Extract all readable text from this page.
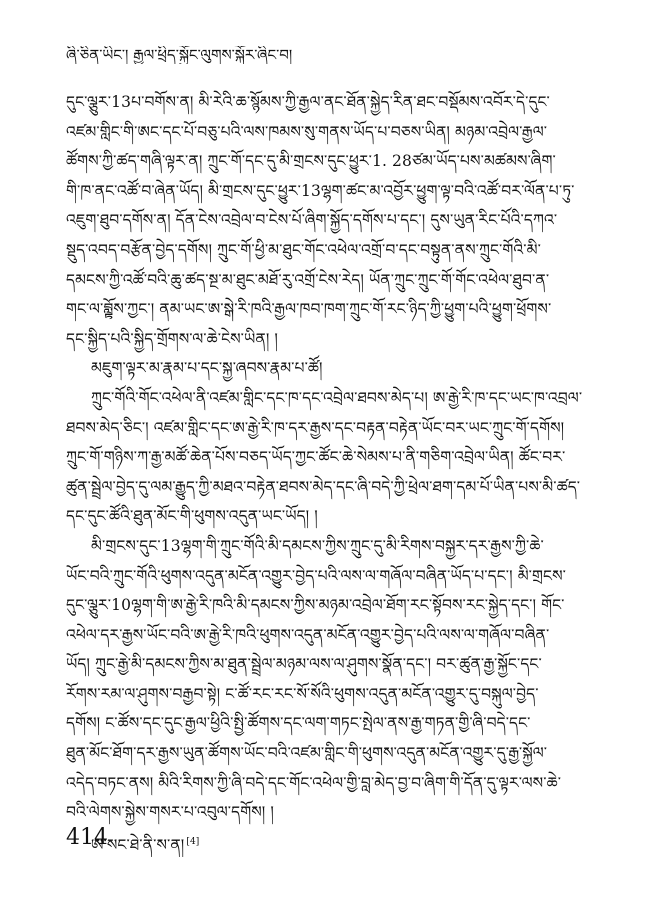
ཞི་ཅིན་ཡིང་། རྒྱལ་ཕྲིད་སྐྱོང་ལུགས་སྐོར་ཞིང་བ།
དུང་ལྕུར་13པ་བགོས་ན། མི་རེའི་ཆ་སྙོམས་ཀྱི་རྒྱལ་ནང་ཐོན་སྐྱེད་རིན་ཐང་བསྡོམས་འབོར་དེ་དུང་
འཛམ་གླིང་གི་ཨང་དང་པོ་བཅུ་པའི་ལས་ཁམས་སུ་གནས་ཡོད་པ་བཅས་ཡིན། མཉམ་འབྲེལ་རྒྱལ་
ཚོགས་ཀྱི་ཚད་གཞི་ལྟར་ན། ཀྲུང་གོ་དང་དུ་མི་གྲངས་དུང་ཕྱུར་1. 28ཙམ་ཡོད་པས་མཚམས་ཞིག་
གི་ཁ་ནང་འཚོ་བ་ཞེན་ཡོད། མི་གྲངས་དུང་ཕྱུར་13ལྷག་ཚང་མ་འབྱོར་ཕྱུག་ལྟ་བའི་འཚོ་བར་ལོན་པ་ཏུ་
འཇུག་ཐུབ་དགོས་ན། དོན་ངེས་འབྲེལ་བ་ངེས་པོ་ཞིག་སྐྱོད་དགོས་པ་དང་། དུས་ཡུན་རིང་པོའི་དཀའ་
སྡུད་འབད་བརྩོན་བྱེད་དགོས། ཀྲུང་གོ་ཕྱི་མ་ཐུང་གོང་འཕེལ་འགྲོ་བ་དང་བསྟུན་ནས་ཀྲུང་གོའི་མི་
དམངས་ཀྱི་འཚོ་བའི་ཆུ་ཚད་སྔ་མ་ཐུང་མཐོ་རུ་འགྲོ་ངེས་རེད། ཡོན་ཀྲུང་ཀྲུང་གོ་གོང་འཕེལ་ཐུབ་ན་
གང་ལ་བླྟོས་ཀྱང་། ནམ་ཡང་ཨ་སྒེ་རི་ཁའི་རྒྱལ་ཁབ་ཁག་ཀྲུང་གོ་རང་ཉིད་ཀྱི་ཕྱུག་པའི་ཕྱུག་ཕྲོགས་
དང་སྐྱིད་པའི་སྐྱིད་གྲོགས་ལ་ཆེ་ངེས་ཡིན། །
མཇུག་ལྟར་མ་རྣམ་པ་དང་སྐྱ་ཞབས་རྣམ་པ་ཚོ།
ཀྲུང་གོའི་གོང་འཕེལ་ནི་འཛམ་གླིང་དང་ཁ་དང་འབྲེལ་ཐབས་མེད་པ། ཨ་རྒྱེ་རི་ཁ་དང་ཡང་ཁ་འབྲལ་
ཐབས་མེད་ཅིང་། འཛམ་གླིང་དང་ཨ་རྒྱེ་རི་ཁ་དར་རྒྱས་དང་བརྟན་བརྟེན་ཡོང་བར་ཡང་ཀྲུང་གོ་དགོས།
ཀྲུང་གོ་གཉིས་ཀ་རྒྱ་མཚོ་ཆེན་པོས་བཅད་ཡོད་ཀྱང་ཚོང་ཆེ་སེམས་པ་ནི་གཅིག་འབྲེལ་ཡིན། ཚོང་བར་
ཚུན་སྦྲེལ་བྱེད་དུ་ལམ་རྒྱུད་ཀྱི་མཐའ་བརྟེན་ཐབས་མེད་དང་ཞི་བདེ་ཀྱི་ཕྲེལ་ཐག་དམ་པོ་ཡིན་པས་མི་ཚད་
དང་དུང་ཚོའི་ཐུན་མོང་གི་ཕུགས་འདུན་ཡང་ཡོད། །
མི་གྲངས་དུང་13ལྷག་གི་ཀྲུང་གོའི་མི་དམངས་ཀྱིས་ཀྲུང་དུ་མི་རིགས་བསྐྱར་དར་རྒྱས་ཀྱི་ཆེ་
ཡོང་བའི་ཀྲུང་གོའི་ཕུགས་འདུན་མངོན་འགྱུར་བྱེད་པའི་ལས་ལ་གཞོལ་བཞིན་ཡོད་པ་དང་། མི་གྲངས་
དུང་ལྕུར་10ལྷག་གི་ཨ་རྒྱེ་རི་ཁའི་མི་དམངས་ཀྱིས་མཉམ་འབྲེལ་ཐོག་རང་སྟོབས་རང་སྐྱེད་དང་། གོང་
འཕེལ་དར་རྒྱས་ཡོང་བའི་ཨ་རྒྱེ་རི་ཁའི་ཕུགས་འདུན་མངོན་འགྱུར་བྱེད་པའི་ལས་ལ་གཞོལ་བཞིན་
ཡོད། ཀྲུང་རྒྱེ་མི་དམངས་ཀྱིས་མ་ཐུན་སྦྲེལ་མཉམ་ལས་ལ་ཤུགས་སྣོན་དང་། བར་ཚུན་རྒྱ་སྐྱོང་དང་
རོགས་རམ་ལ་ཤུགས་བརྒྱབ་སྟེ། ང་ཚོ་རང་རང་སོ་སོའི་ཕུགས་འདུན་མངོན་འགྱུར་དུ་བསྐུལ་བྱེད་
དགོས། ང་ཚོས་དང་དུང་རྒྱལ་ཕྱིའི་སྤྱི་ཚོགས་དང་ལག་གཏང་སྤེལ་ནས་རྒྱ་གཏན་གྱི་ཞི་བདེ་དང་
ཐུན་མོང་ཐོག་དར་རྒྱས་ཡུན་ཚོགས་ཡོང་བའི་འཛམ་གླིང་གི་ཕུགས་འདུན་མངོན་འགྱུར་དུ་རྒྱ་སྐྱོལ་
འདེད་བཏང་ནས། མིའི་རིགས་ཀྱི་ཞི་བདེ་དང་གོང་འཕེལ་གྱི་བླ་མེད་བྱ་བ་ཞིག་གི་དོན་དུ་ལྟར་ལས་ཆེ་
བའི་ལེགས་སྐྱེས་གསར་པ་འབུལ་དགོས། །
ཨ་སང་ཐེ་ནི་ས་ན། [4]
414
